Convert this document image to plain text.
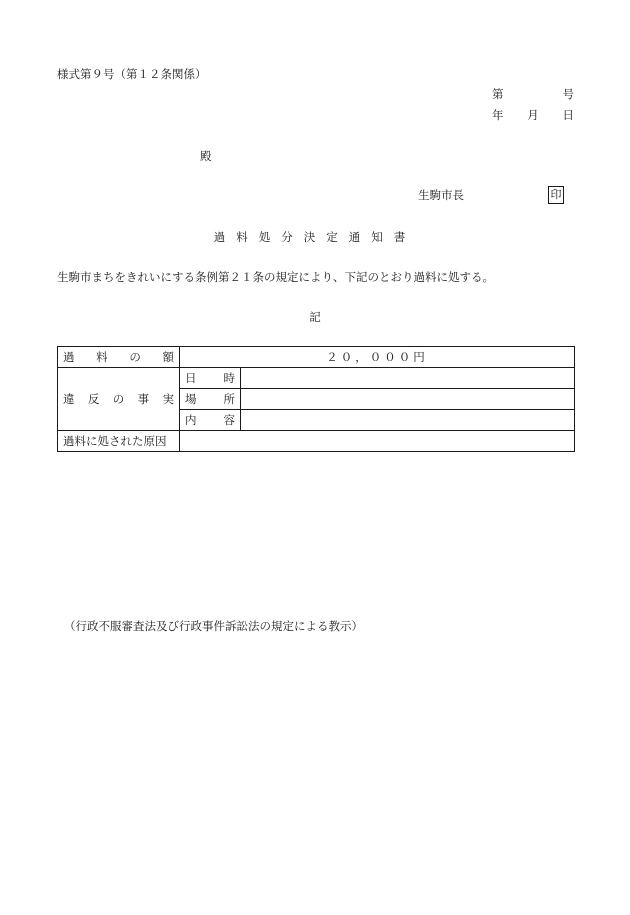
様式第９号（第１２条関係）
第	号
年 月 日
殿
生駒市長	印
過料処分決定通知書
生駒市まちをきれいにする条例第２１条の規定により、下記のとおり過料に処する。
記
過料の額	２０，０００円	
違反の事実	日時	
	場所	
	内容	
過料に処された原因		
（行政不服審査法及び行政事件訴訟法の規定による教示）
